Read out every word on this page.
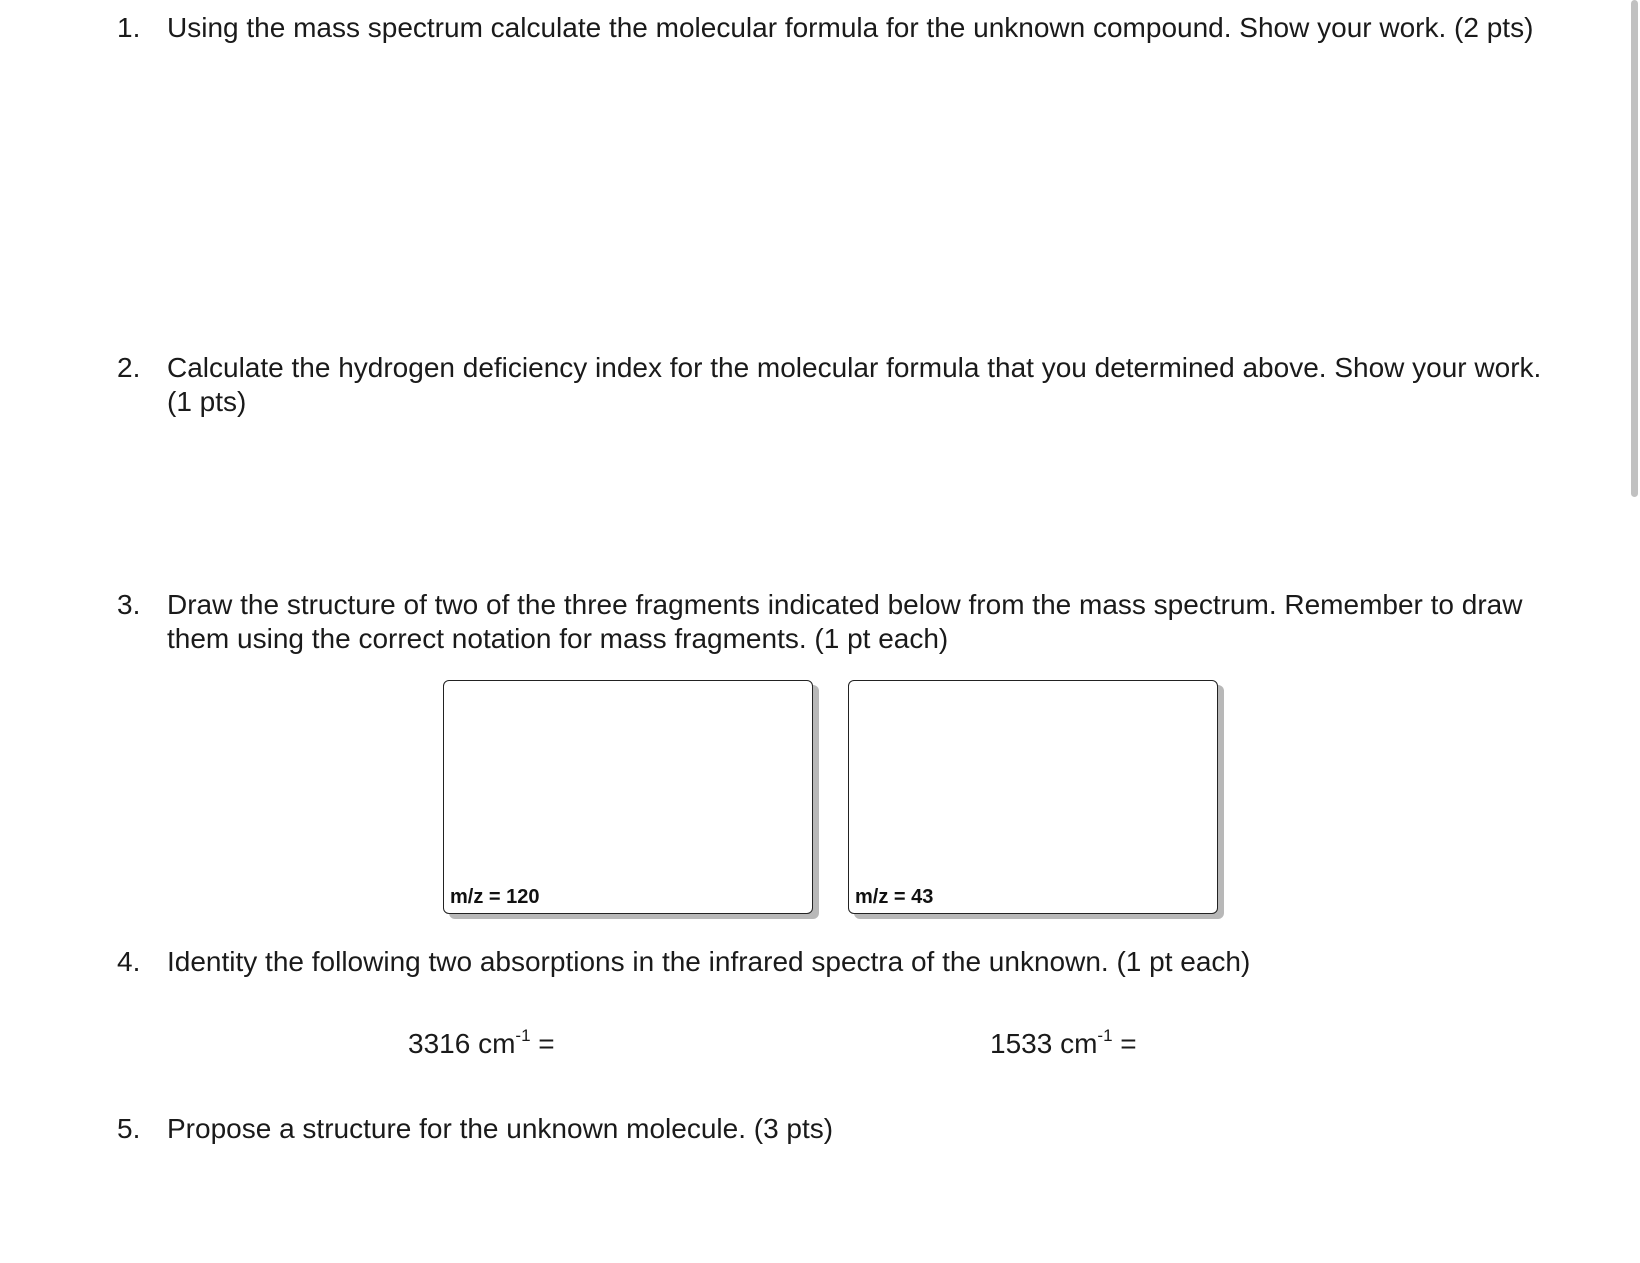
1. Using the mass spectrum calculate the molecular formula for the unknown compound. Show your work. (2 pts)
2. Calculate the hydrogen deficiency index for the molecular formula that you determined above. Show your work. (1 pts)
3. Draw the structure of two of the three fragments indicated below from the mass spectrum. Remember to draw them using the correct notation for mass fragments. (1 pt each)
m/z = 120	m/z = 43
4. Identity the following two absorptions in the infrared spectra of the unknown. (1 pt each)
3316 $cm^{-1}$ =	1533 $cm^{-1}$ =
5. Propose a structure for the unknown molecule. (3 pts)
